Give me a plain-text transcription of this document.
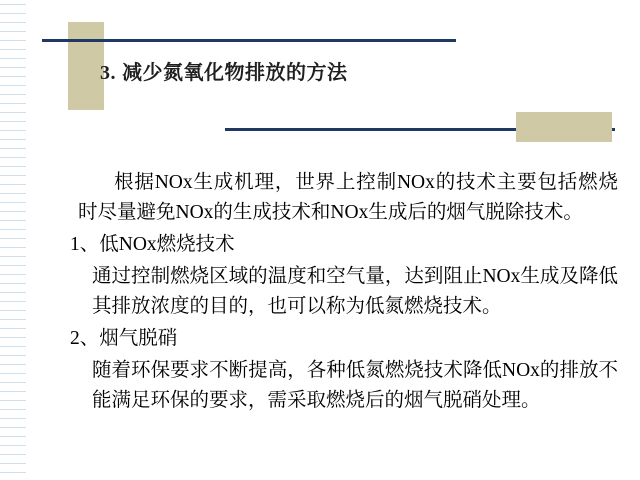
3. 减少氮氧化物排放的方法

根据NOx生成机理，世界上控制NOx的技术主要包括燃烧时尽量避免NOx的生成技术和NOx生成后的烟气脱除技术。

1、低NOx燃烧技术

通过控制燃烧区域的温度和空气量，达到阻止NOx生成及降低其排放浓度的目的，也可以称为低氮燃烧技术。

2、烟气脱硝

随着环保要求不断提高，各种低氮燃烧技术降低NOx的排放不能满足环保的要求，需采取燃烧后的烟气脱硝处理。
